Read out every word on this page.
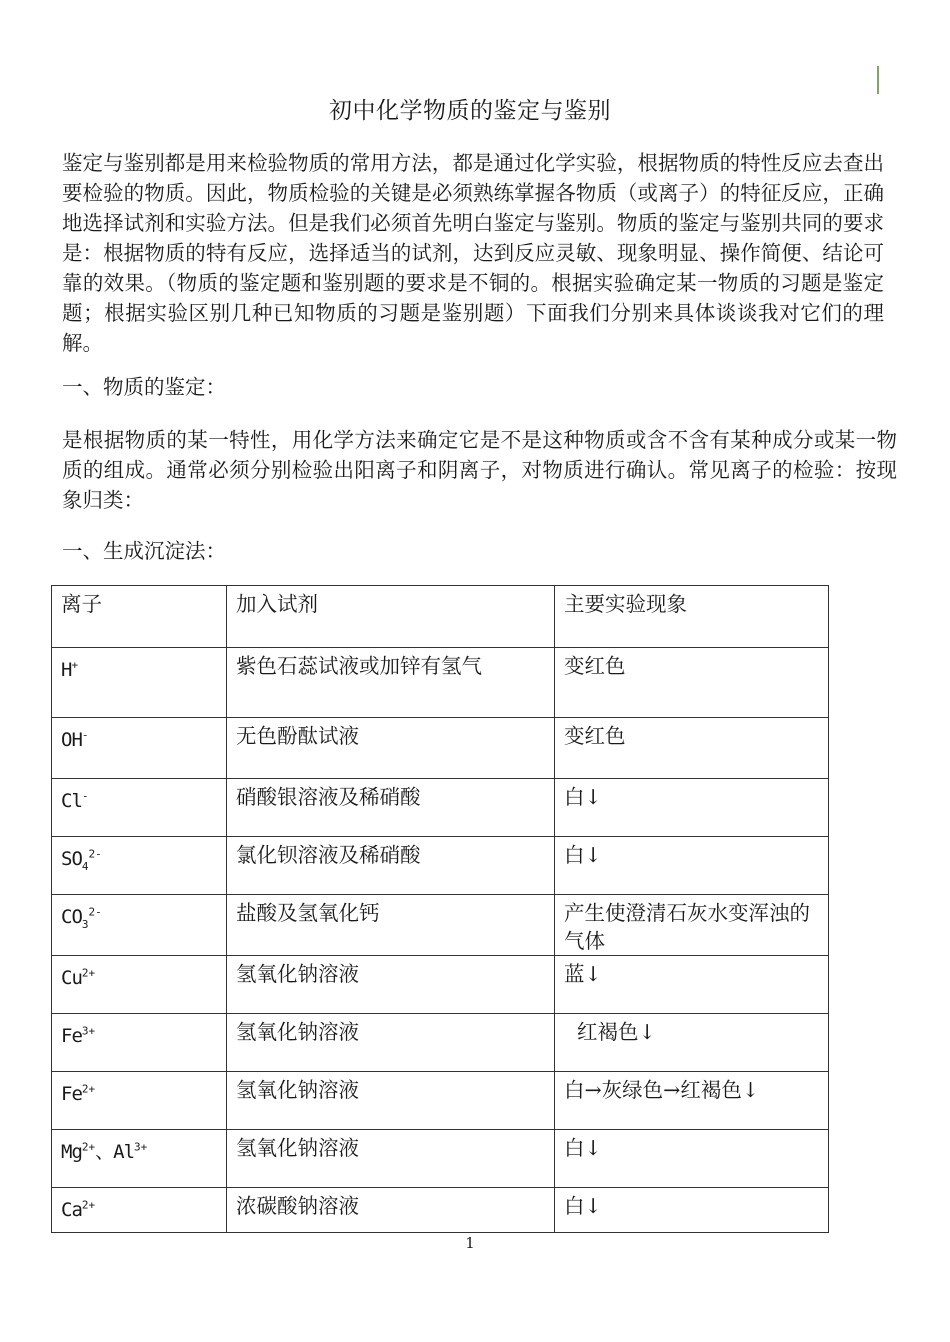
初中化学物质的鉴定与鉴别
鉴定与鉴别都是用来检验物质的常用方法，都是通过化学实验，根据物质的特性反应去查出要检验的物质。因此，物质检验的关键是必须熟练掌握各物质（或离子）的特征反应，正确地选择试剂和实验方法。但是我们必须首先明白鉴定与鉴别。物质的鉴定与鉴别共同的要求是：根据物质的特有反应，选择适当的试剂，达到反应灵敏、现象明显、操作简便、结论可靠的效果。（物质的鉴定题和鉴别题的要求是不铜的。根据实验确定某一物质的习题是鉴定题；根据实验区别几种已知物质的习题是鉴别题）下面我们分别来具体谈谈我对它们的理解。
一、物质的鉴定：
是根据物质的某一特性，用化学方法来确定它是不是这种物质或含不含有某种成分或某一物质的组成。通常必须分别检验出阳离子和阴离子，对物质进行确认。常见离子的检验：按现象归类：
一、生成沉淀法：
离子	加入试剂	主要实验现象
H+	紫色石蕊试液或加锌有氢气	变红色
OH-	无色酚酞试液	变红色
Cl-	硝酸银溶液及稀硝酸	白↓
$SO_4^{2-}$	氯化钡溶液及稀硝酸	白↓
$CO_3^{2-}$	盐酸及氢氧化钙	产生使澄清石灰水变浑浊的气体
$Cu^{2+}$	氢氧化钠溶液	蓝↓
$Fe^{3+}$	氢氧化钠溶液	红褐色↓
$Fe^{2+}$	氢氧化钠溶液	白→灰绿色→红褐色↓
$Mg^{2+}$、$Al^{3+}$	氢氧化钠溶液	白↓
$Ca^{2+}$	浓碳酸钠溶液	白↓
1
